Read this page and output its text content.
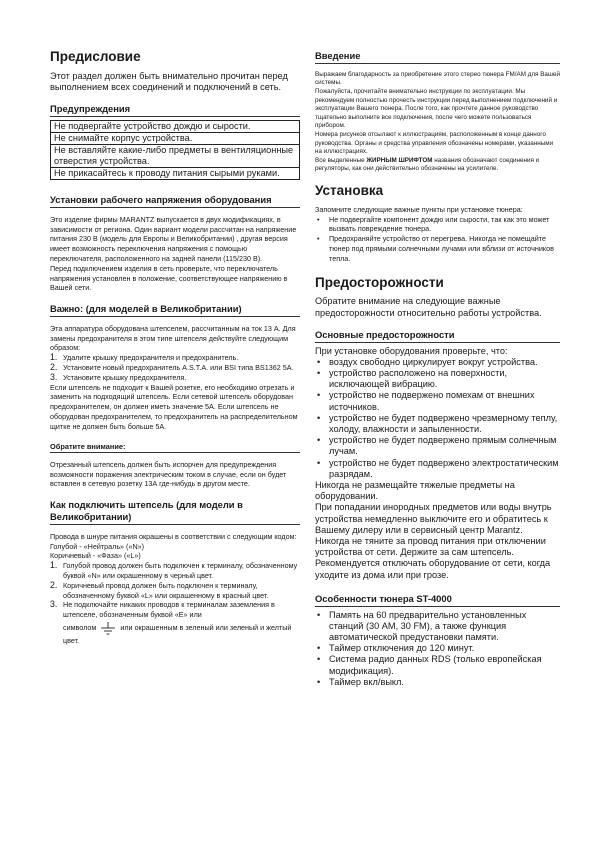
Предисловие

Этот раздел должен быть внимательно прочитан перед выполнением всех соединений и подключений в сеть.

Предупреждения
Не подвергайте устройство дождю и сырости.
Не снимайте корпус устройства.
Не вставляйте какие-либо предметы в вентиляционные отверстия устройства.
Не прикасайтесь к проводу питания сырыми руками.
Установки рабочего напряжения оборудования

Это изделие фирмы MARANTZ выпускается в двух модификациях, в зависимости от региона. Один вариант модели рассчитан на напряжение питания 230 В (модель для Европы и Великобритании) , другая версия имеет возможность переключения напряжения с помощью переключателя, расположенного на задней панели (115/230 В).

Перед подключением изделия в сеть проверьте, что переключатель напряжения установлен в положение, соответствующее напряжению в Вашей сети.

Важно: (для моделей в Великобритании)

Эта аппаратура оборудована штепселем, рассчитанным на ток 13 А. Для замены предохранителя в этом типе штепселя действуйте следующим образом:

1. Удалите крышку предохранителя и предохранитель.
2. Установите новый предохранитель A.S.T.A. или BSI типа BS1362 5A.
3. Установите крышку предохранителя.

Если штепсель не подходит к Вашей розетке, его необходимо отрезать и заменить на подходящий штепсель. Если сетевой штепсель оборудован предохранителем, он должен иметь значение 5A. Если штепсель не оборудован предохранителем, то предохранитель на распределительном щитке не должен быть больше 5A.

Обратите внимание:

Отрезанный штепсель должен быть испорчен для предупреждения возможности поражения электрическим током в случае, если он будет вставлен в сетевую розетку 13А где-нибудь в другом месте.

Как подключить штепсель (для модели в Великобритании)

Провода в шнуре питания окрашены в соответствии с следующим кодом:

Голубой - «Нейтраль» («N»)

Коричневый - «Фаза» («L»)

1. Голубой провод должен быть подключен к терминалу, обозначенному буквой «N» или окрашенному в черный цвет.
2. Коричневый провод должен быть подключен к терминалу, обозначенному буквой «L» или окрашенному в красный цвет.
3. Не подключайте никаких проводов к терминалам заземления в штепселе, обозначенным буквой «E» или
символом	или окрашенным в зеленый или зеленый и желтый цвет.
Введение

Выражаем благодарность за приобретение этого стерео тюнера FM/AM для Вашей системы.

Пожалуйста, прочитайте внимательно инструкции по эксплуатации. Мы рекомендуем полностью прочесть инструкции перед выполнением подключений и эксплуатации Вашего тюнера. После того, как прочтете данное руководство тщательно выполните все подключения, после чего можете пользоваться прибором.

Номера рисунков отсылают к иллюстрациям, расположенным в конце данного руководства. Органы и средства управления обозначены номерами, указанными на иллюстрациях.

Все выделенные ЖИРНЫМ ШРИФТОМ названия обозначают соединения и регуляторы, как они действительно обозначены на усилителе.

Установка

Запомните следующие важные пункты при установке тюнера:

• Не подвергайте компонент дождю или сырости, так как это может вызвать повреждение тюнера.
• Предохраняйте устройство от перегрева. Никогда не помещайте тюнер под прямыми солнечными лучами или вблизи от источников тепла.
Предосторожности

Обратите внимание на следующие важные предосторожности относительно работы устройства.

Основные предосторожности

При установке оборудования проверьте, что:

• воздух свободно циркулирует вокруг устройства.
• устройство расположено на поверхности, исключающей вибрацию.
• устройство не подвержено помехам от внешних источников.
• устройство не будет подвержено чрезмерному теплу, холоду, влажности и запыленности.
• устройство не будет подвержено прямым солнечным лучам.
• устройство не будет подвержено электростатическим разрядам.

Никогда не размещайте тяжелые предметы на оборудовании.

При попадании инородных предметов или воды внутрь устройства немедленно выключите его и обратитесь к Вашему дилеру или в сервисный центр Marantz.

Никогда не тяните за провод питания при отключении устройства от сети. Держите за сам штепсель. Рекомендуется отключать оборудование от сети, когда уходите из дома или при грозе.

Особенности тюнера ST-4000
• Память на 60 предварительно установленных станций (30 AM, 30 FM), а также функция автоматической предустановки памяти.
• Таймер отключения до 120 минут.
• Система радио данных RDS (только европейская модификация).
• Таймер вкл/выкл.
